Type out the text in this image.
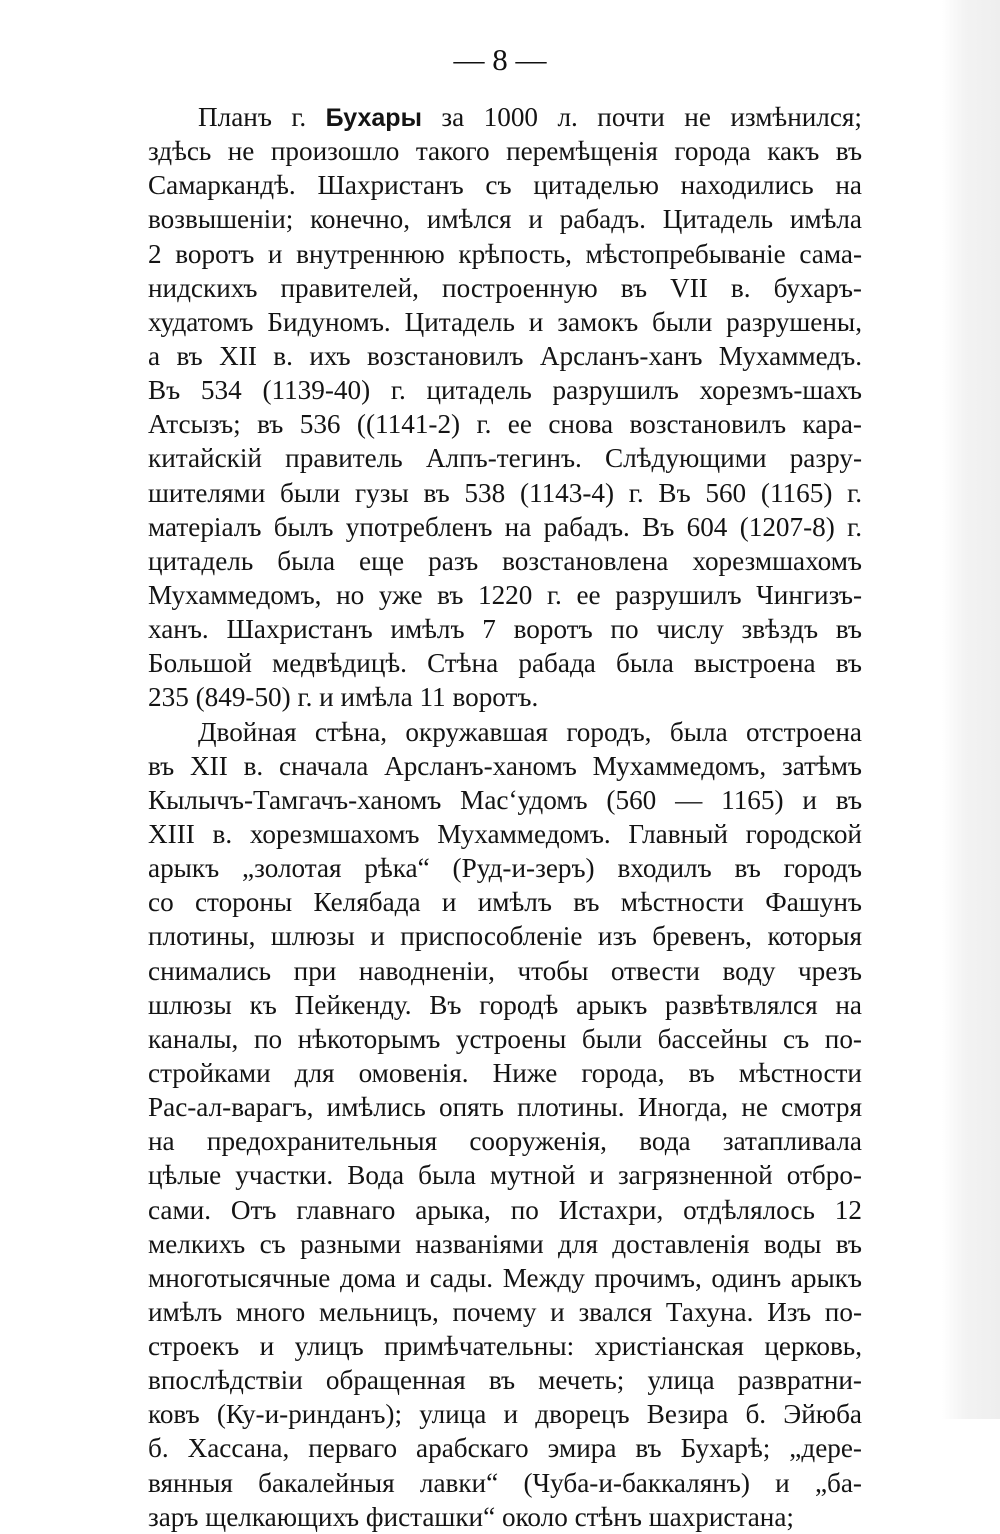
— 8 —
Планъ г. Бухары за 1000 л. почти не измѣнился;
здѣсь не произошло такого перемѣщенія города какъ въ
Самаркандѣ. Шахристанъ съ цитаделью находились на
возвышеніи; конечно, имѣлся и рабадъ. Цитадель имѣла
2 воротъ и внутреннюю крѣпость, мѣстопребываніе сама-
нидскихъ правителей, построенную въ VII в. бухаръ-
худатомъ Бидуномъ. Цитадель и замокъ были разрушены,
а въ XII в. ихъ возстановилъ Арсланъ-ханъ Мухаммедъ.
Въ 534 (1139-40) г. цитадель разрушилъ хорезмъ-шахъ
Атсызъ; въ 536 ((1141-2) г. ее снова возстановилъ кара-
китайскій правитель Алпъ-тегинъ. Слѣдующими разру-
шителями были гузы въ 538 (1143-4) г. Въ 560 (1165) г.
матеріалъ былъ употребленъ на рабадъ. Въ 604 (1207-8) г.
цитадель была еще разъ возстановлена хорезмшахомъ
Мухаммедомъ, но уже въ 1220 г. ее разрушилъ Чингизъ-
ханъ. Шахристанъ имѣлъ 7 воротъ по числу звѣздъ въ
Большой медвѣдицѣ. Стѣна рабада была выстроена въ
235 (849-50) г. и имѣла 11 воротъ.
Двойная стѣна, окружавшая городъ, была отстроена
въ XII в. сначала Арсланъ-ханомъ Мухаммедомъ, затѣмъ
Кылычъ-Тамгачъ-ханомъ Мас‘удомъ (560 — 1165) и въ
XIII в. хорезмшахомъ Мухаммедомъ. Главный городской
арыкъ „золотая рѣка“ (Руд-и-зеръ) входилъ въ городъ
со стороны Келябада и имѣлъ въ мѣстности Фашунъ
плотины, шлюзы и приспособленіе изъ бревенъ, которыя
снимались при наводненіи, чтобы отвести воду чрезъ
шлюзы къ Пейкенду. Въ городѣ арыкъ развѣтвлялся на
каналы, по нѣкоторымъ устроены были бассейны съ по-
стройками для омовенія. Ниже города, въ мѣстности
Рас-ал-варагъ, имѣлись опять плотины. Иногда, не смотря
на предохранительныя сооруженія, вода затапливала
цѣлые участки. Вода была мутной и загрязненной отбро-
сами. Отъ главнаго арыка, по Истахри, отдѣлялось 12
мелкихъ съ разными названіями для доставленія воды въ
многотысячные дома и сады. Между прочимъ, одинъ арыкъ
имѣлъ много мельницъ, почему и звался Тахуна. Изъ по-
строекъ и улицъ примѣчательны: христіанская церковь,
впослѣдствіи обращенная въ мечеть; улица развратни-
ковъ (Ку-и-ринданъ); улица и дворецъ Везира б. Эйюба
б. Хассана, перваго арабскаго эмира въ Бухарѣ; „дере-
вянныя бакалейныя лавки“ (Чуба-и-баккалянъ) и „ба-
заръ щелкающихъ фисташки“ около стѣнъ шахристана;
